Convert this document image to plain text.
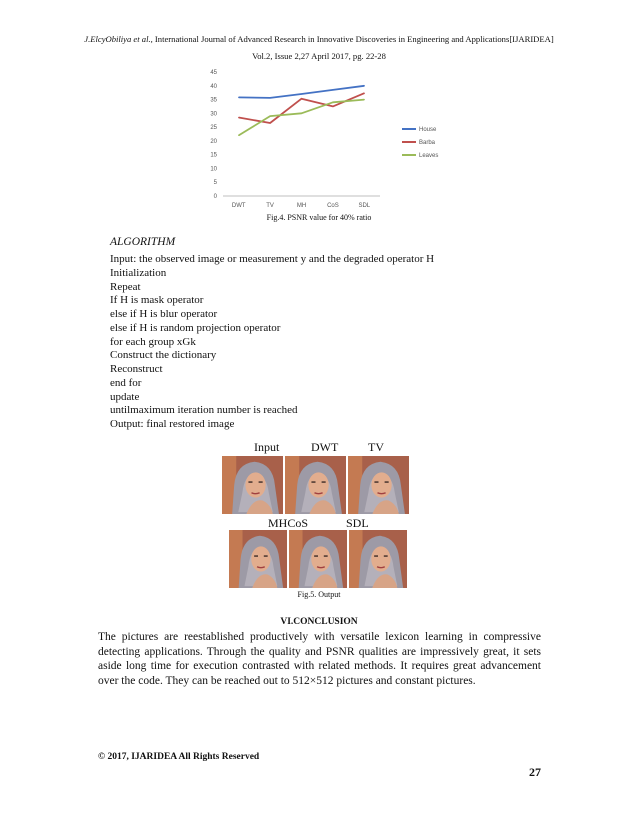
J.ElcyObiliya et al., International Journal of Advanced Research in Innovative Discoveries in Engineering and Applications[IJARIDEA]
Vol.2, Issue 2,27 April 2017, pg. 22-28
0
5
10
15
20
25
30
35
40
45
DWT	TV	MH	CoS	SDL
House
Barba
Leaves
Fig.4. PSNR value for 40% ratio
ALGORITHM
Input: the observed image or measurement y and the degraded operator H
Initialization
Repeat
If H is mask operator
else if H is blur operator
else if H is random projection operator
for each group xGk
Construct the dictionary
Reconstruct
end for
update
untilmaximum iteration number is reached
Output: final restored image
Input	DWT TV
MHCoS	SDL
Fig.5. Output
VI.CONCLUSION
The pictures are reestablished productively with versatile lexicon learning in compressive detecting applications. Through the quality and PSNR qualities are impressively great, it sets aside long time for execution contrasted with related methods. It requires great advancement over the code. They can be reached out to 512×512 pictures and constant pictures.
© 2017, IJARIDEA All Rights Reserved
27
